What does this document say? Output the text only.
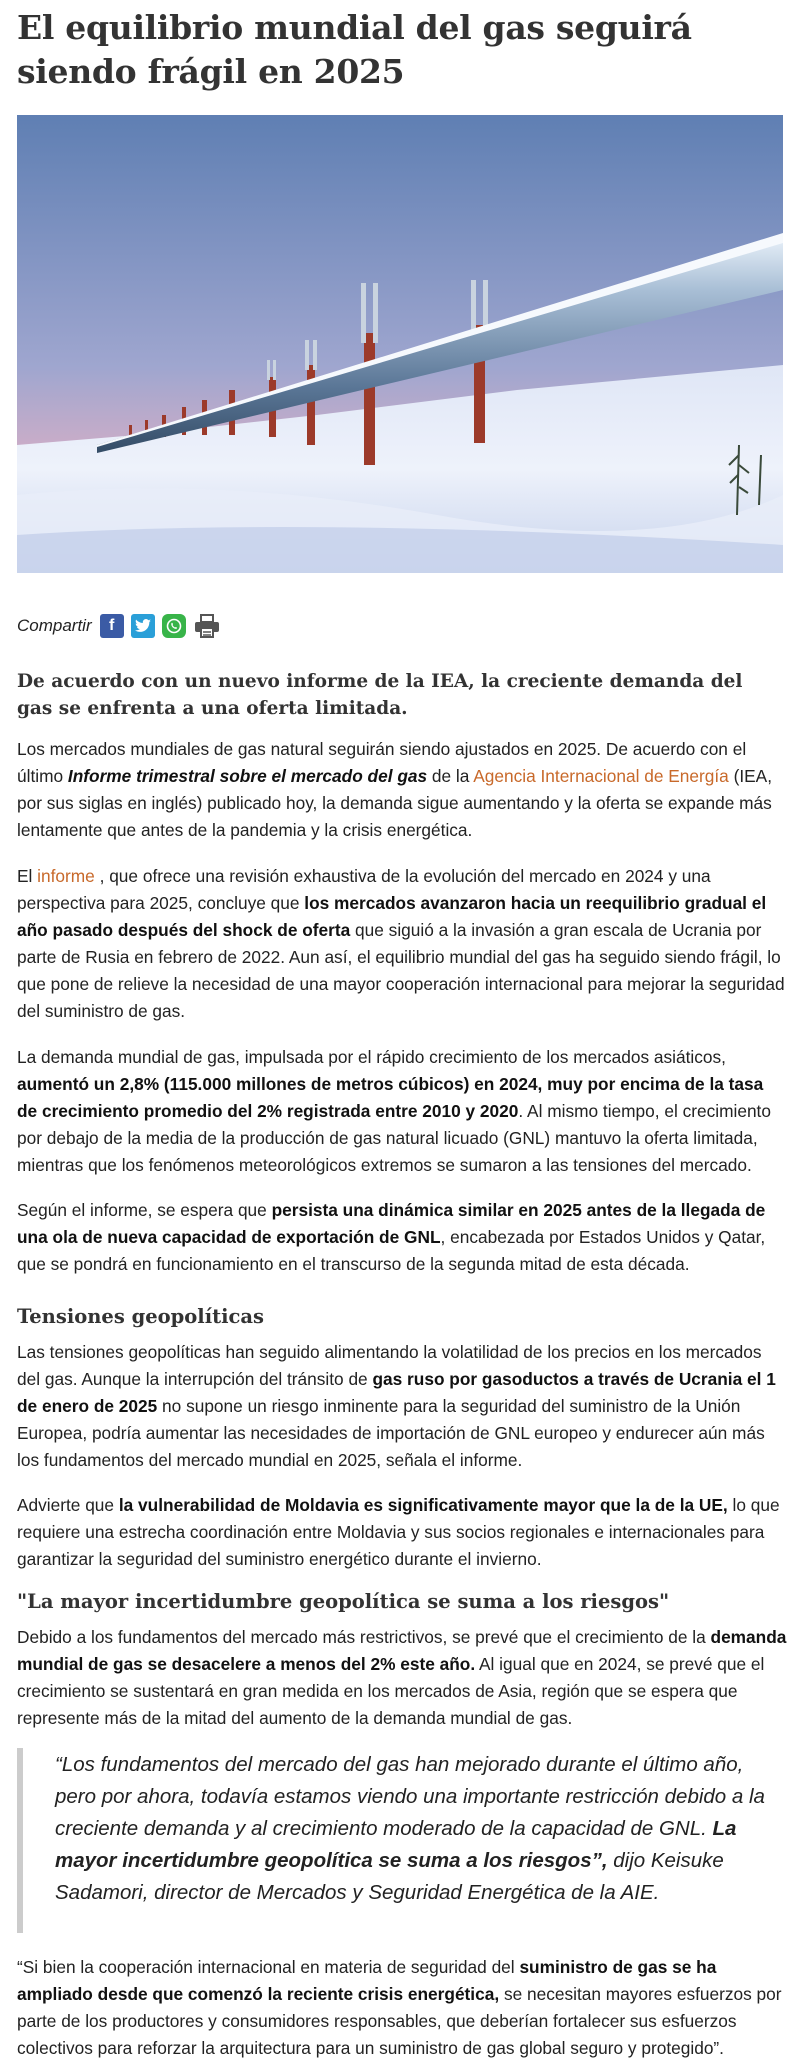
El equilibrio mundial del gas seguirá siendo frágil en 2025
Compartir	f

De acuerdo con un nuevo informe de la IEA, la creciente demanda del gas se enfrenta a una oferta limitada.

Los mercados mundiales de gas natural seguirán siendo ajustados en 2025. De acuerdo con el último Informe trimestral sobre el mercado del gas de la Agencia Internacional de Energía (IEA, por sus siglas en inglés) publicado hoy, la demanda sigue aumentando y la oferta se expande más lentamente que antes de la pandemia y la crisis energética.

El informe , que ofrece una revisión exhaustiva de la evolución del mercado en 2024 y una perspectiva para 2025, concluye que los mercados avanzaron hacia un reequilibrio gradual el año pasado después del shock de oferta que siguió a la invasión a gran escala de Ucrania por parte de Rusia en febrero de 2022. Aun así, el equilibrio mundial del gas ha seguido siendo frágil, lo que pone de relieve la necesidad de una mayor cooperación internacional para mejorar la seguridad del suministro de gas.

La demanda mundial de gas, impulsada por el rápido crecimiento de los mercados asiáticos, aumentó un 2,8% (115.000 millones de metros cúbicos) en 2024, muy por encima de la tasa de crecimiento promedio del 2% registrada entre 2010 y 2020. Al mismo tiempo, el crecimiento por debajo de la media de la producción de gas natural licuado (GNL) mantuvo la oferta limitada, mientras que los fenómenos meteorológicos extremos se sumaron a las tensiones del mercado.

Según el informe, se espera que persista una dinámica similar en 2025 antes de la llegada de una ola de nueva capacidad de exportación de GNL, encabezada por Estados Unidos y Qatar, que se pondrá en funcionamiento en el transcurso de la segunda mitad de esta década.

Tensiones geopolíticas

Las tensiones geopolíticas han seguido alimentando la volatilidad de los precios en los mercados del gas. Aunque la interrupción del tránsito de gas ruso por gasoductos a través de Ucrania el 1 de enero de 2025 no supone un riesgo inminente para la seguridad del suministro de la Unión Europea, podría aumentar las necesidades de importación de GNL europeo y endurecer aún más los fundamentos del mercado mundial en 2025, señala el informe.

Advierte que la vulnerabilidad de Moldavia es significativamente mayor que la de la UE, lo que requiere una estrecha coordinación entre Moldavia y sus socios regionales e internacionales para garantizar la seguridad del suministro energético durante el invierno.

"La mayor incertidumbre geopolítica se suma a los riesgos"

Debido a los fundamentos del mercado más restrictivos, se prevé que el crecimiento de la demanda mundial de gas se desacelere a menos del 2% este año. Al igual que en 2024, se prevé que el crecimiento se sustentará en gran medida en los mercados de Asia, región que se espera que represente más de la mitad del aumento de la demanda mundial de gas.

“Los fundamentos del mercado del gas han mejorado durante el último año, pero por ahora, todavía estamos viendo una importante restricción debido a la creciente demanda y al crecimiento moderado de la capacidad de GNL. La mayor incertidumbre geopolítica se suma a los riesgos”, dijo Keisuke Sadamori, director de Mercados y Seguridad Energética de la AIE.

“Si bien la cooperación internacional en materia de seguridad del suministro de gas se ha ampliado desde que comenzó la reciente crisis energética, se necesitan mayores esfuerzos por parte de los productores y consumidores responsables, que deberían fortalecer sus esfuerzos colectivos para reforzar la arquitectura para un suministro de gas global seguro y protegido”.
